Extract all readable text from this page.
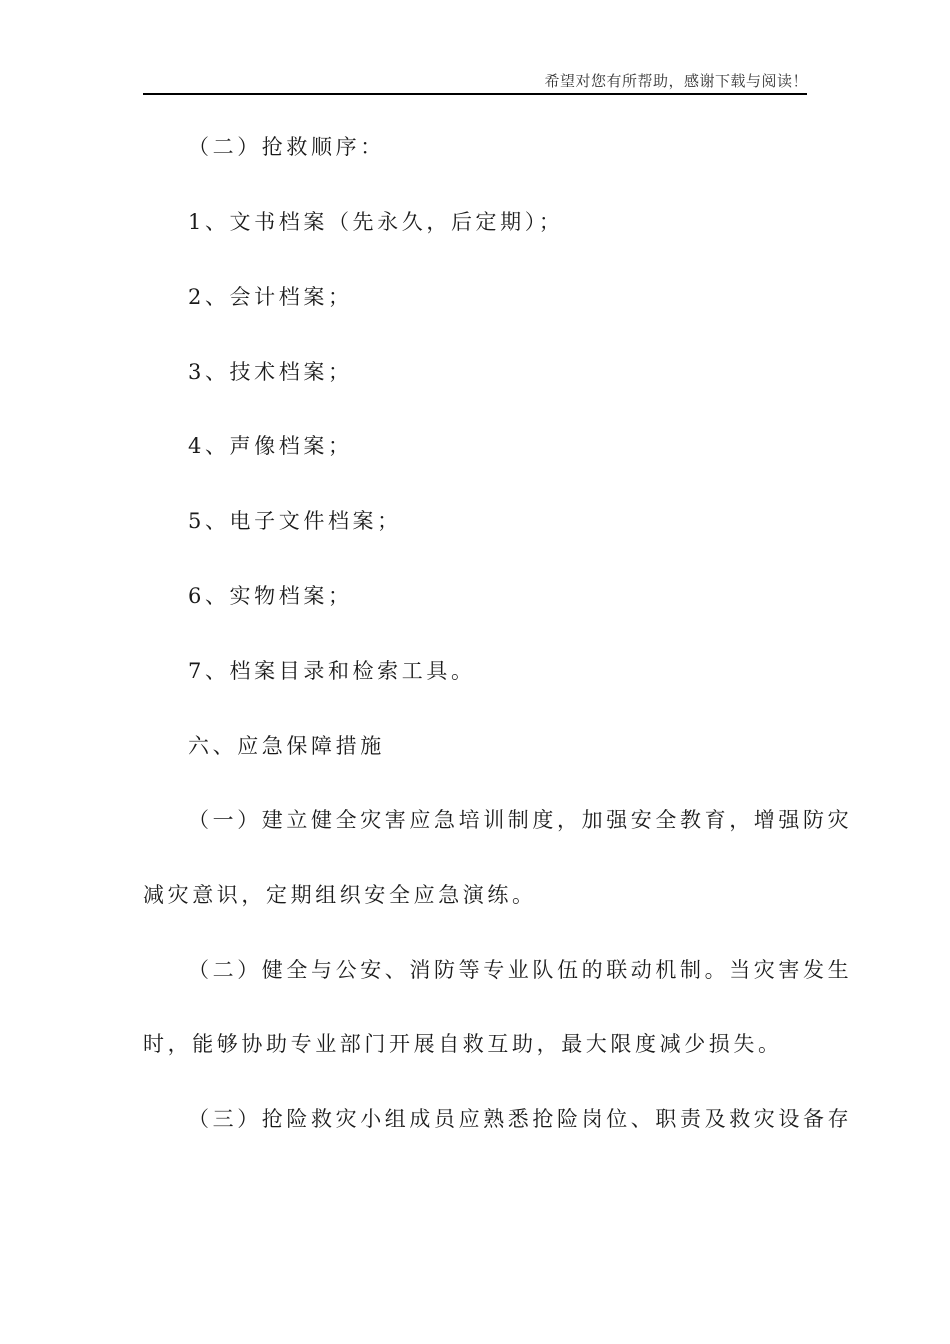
希望对您有所帮助，感谢下载与阅读！
（二）抢救顺序：
1、文书档案（先永久，后定期）；
2、会计档案；
3、技术档案；
4、声像档案；
5、电子文件档案；
6、实物档案；
7、档案目录和检索工具。
六、应急保障措施
（一）建立健全灾害应急培训制度，加强安全教育，增强防灾
减灾意识，定期组织安全应急演练。
（二）健全与公安、消防等专业队伍的联动机制。当灾害发生
时，能够协助专业部门开展自救互助，最大限度减少损失。
（三）抢险救灾小组成员应熟悉抢险岗位、职责及救灾设备存
